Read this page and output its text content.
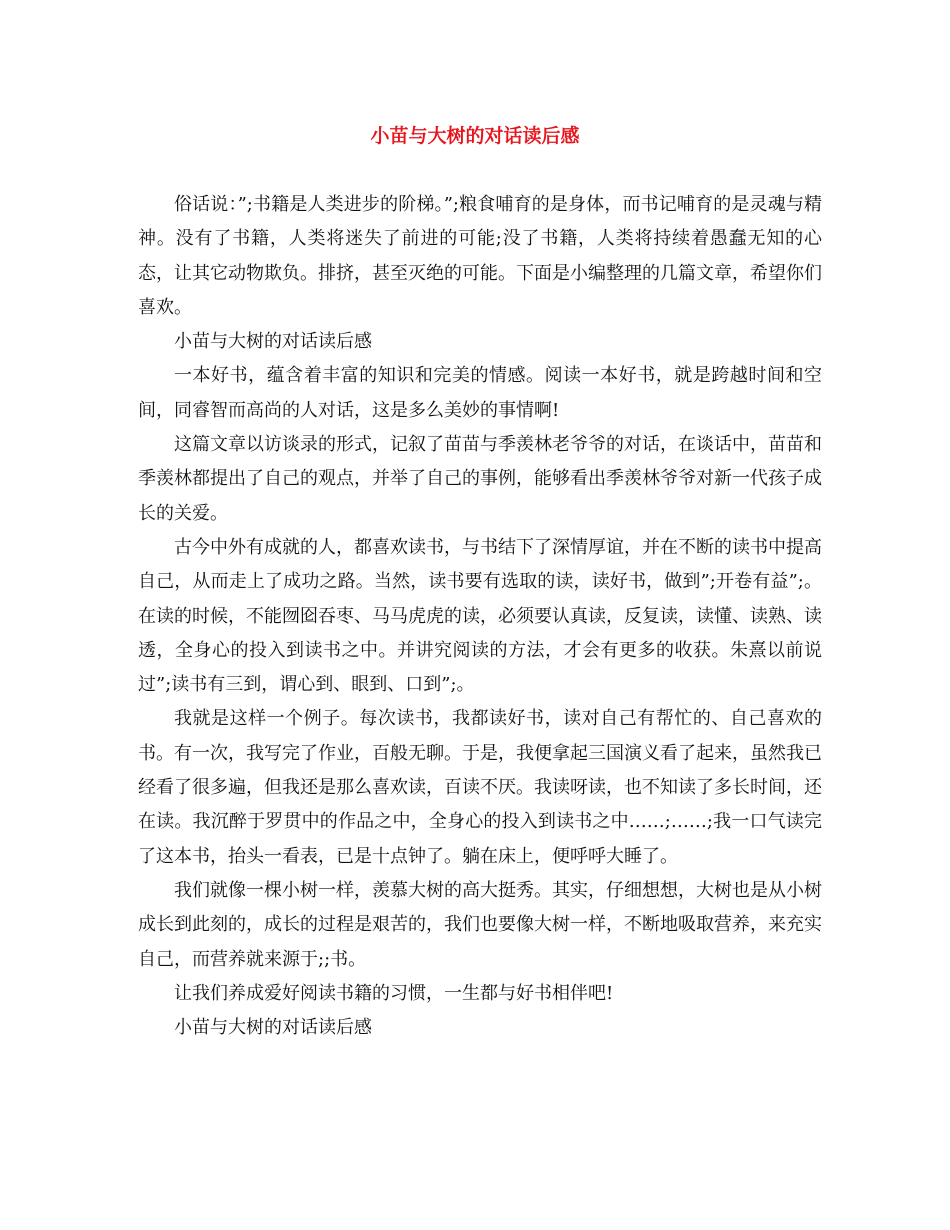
小苗与大树的对话读后感

俗话说：”;书籍是人类进步的阶梯。”;粮食哺育的是身体，而书记哺育的是灵魂与精神。没有了书籍，人类将迷失了前进的可能;没了书籍，人类将持续着愚蠢无知的心态，让其它动物欺负。排挤，甚至灭绝的可能。下面是小编整理的几篇文章，希望你们喜欢。

小苗与大树的对话读后感

一本好书，蕴含着丰富的知识和完美的情感。阅读一本好书，就是跨越时间和空间，同睿智而高尚的人对话，这是多么美妙的事情啊!

这篇文章以访谈录的形式，记叙了苗苗与季羡林老爷爷的对话，在谈话中，苗苗和季羡林都提出了自己的观点，并举了自己的事例，能够看出季羡林爷爷对新一代孩子成长的关爱。

古今中外有成就的人，都喜欢读书，与书结下了深情厚谊，并在不断的读书中提高自己，从而走上了成功之路。当然，读书要有选取的读，读好书，做到”;开卷有益”;。在读的时候，不能囫囵吞枣、马马虎虎的读，必须要认真读，反复读，读懂、读熟、读透，全身心的投入到读书之中。并讲究阅读的方法，才会有更多的收获。朱熹以前说过”;读书有三到，谓心到、眼到、口到”;。

我就是这样一个例子。每次读书，我都读好书，读对自己有帮忙的、自己喜欢的书。有一次，我写完了作业，百般无聊。于是，我便拿起三国演义看了起来，虽然我已经看了很多遍，但我还是那么喜欢读，百读不厌。我读呀读，也不知读了多长时间，还在读。我沉醉于罗贯中的作品之中，全身心的投入到读书之中……;……;我一口气读完了这本书，抬头一看表，已是十点钟了。躺在床上，便呼呼大睡了。

我们就像一棵小树一样，羡慕大树的高大挺秀。其实，仔细想想，大树也是从小树成长到此刻的，成长的过程是艰苦的，我们也要像大树一样，不断地吸取营养，来充实自己，而营养就来源于;;书。

让我们养成爱好阅读书籍的习惯，一生都与好书相伴吧!

小苗与大树的对话读后感
